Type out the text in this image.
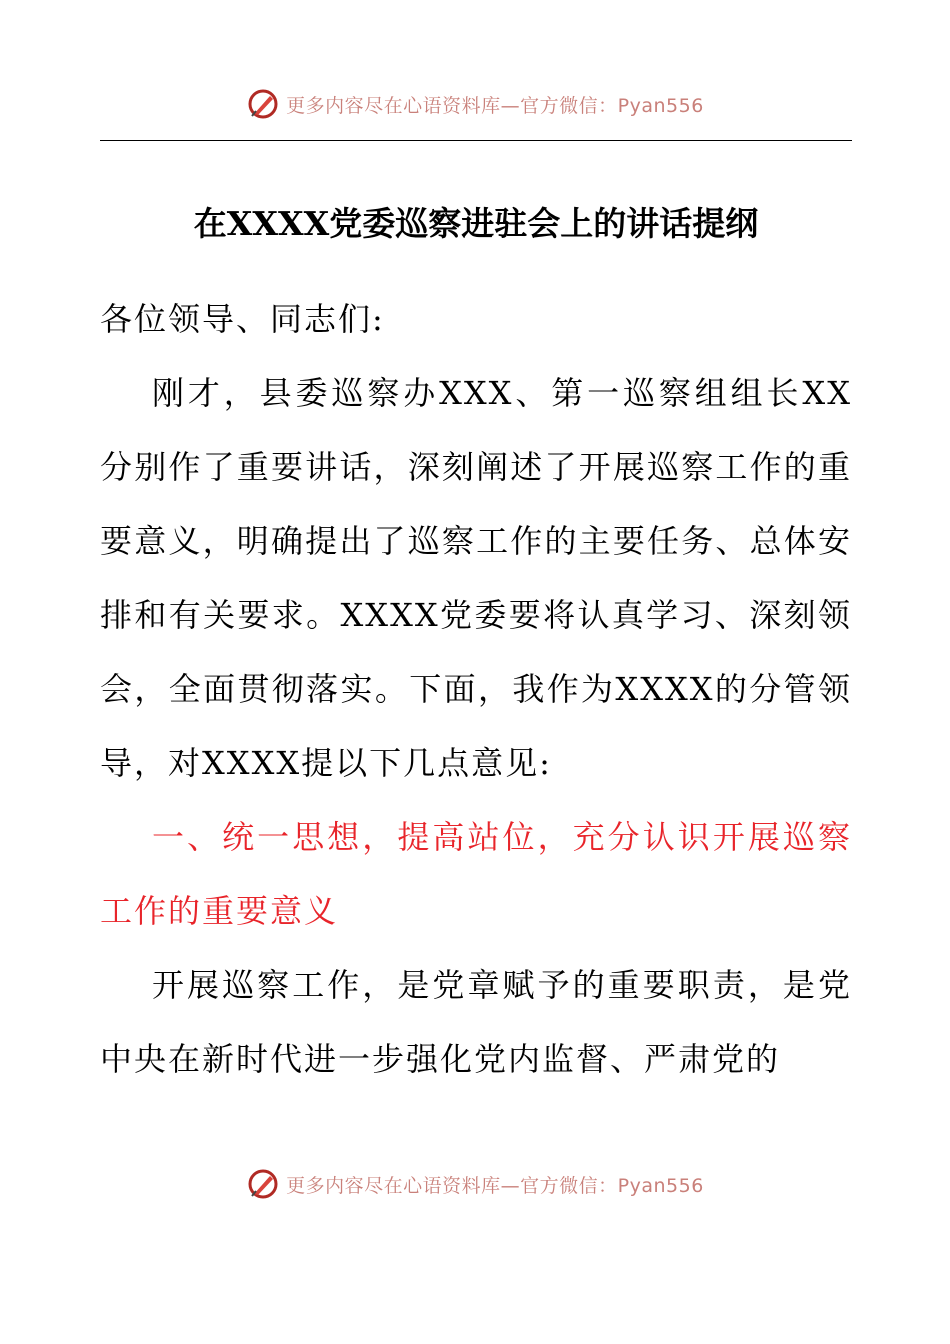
更多内容尽在心语资料库—官方微信：Pyan556
在XXXX党委巡察进驻会上的讲话提纲

各位领导、同志们:

刚才，县委巡察办XXX、第一巡察组组长XX分别作了重要讲话，深刻阐述了开展巡察工作的重要意义，明确提出了巡察工作的主要任务、总体安排和有关要求。XXXX党委要将认真学习、深刻领会，全面贯彻落实。下面，我作为XXXX的分管领导，对XXXX提以下几点意见:

一、统一思想，提高站位，充分认识开展巡察工作的重要意义

开展巡察工作，是党章赋予的重要职责，是党中央在新时代进一步强化党内监督、严肃党的

更多内容尽在心语资料库—官方微信：Pyan556
